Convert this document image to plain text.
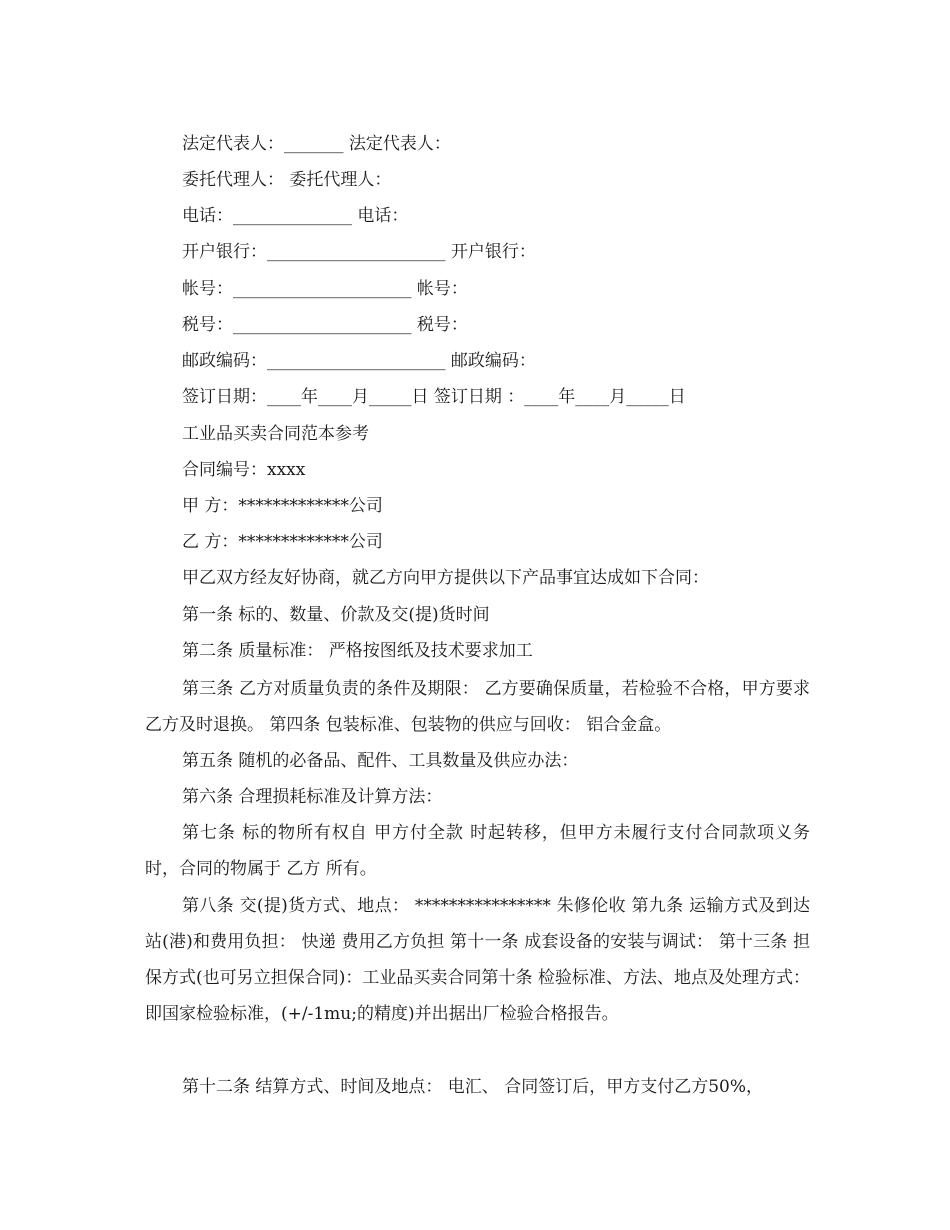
法定代表人：_______ 法定代表人：
委托代理人： 委托代理人：
电话：______________ 电话：
开户银行：_____________________ 开户银行：
帐号：_____________________ 帐号：
税号：_____________________ 税号：
邮政编码：_____________________ 邮政编码：
签订日期：____年____月_____日 签订日期 ：____年____月_____日
工业品买卖合同范本参考
合同编号：xxxx
甲 方：*************公司
乙 方：*************公司
甲乙双方经友好协商，就乙方向甲方提供以下产品事宜达成如下合同：
第一条 标的、数量、价款及交(提)货时间
第二条 质量标准： 严格按图纸及技术要求加工
第三条 乙方对质量负责的条件及期限： 乙方要确保质量，若检验不合格，甲方要求乙方及时退换。 第四条 包装标准、包装物的供应与回收： 铝合金盒。
第五条 随机的必备品、配件、工具数量及供应办法：
第六条 合理损耗标准及计算方法：
第七条 标的物所有权自 甲方付全款 时起转移，但甲方未履行支付合同款项义务时，合同的物属于 乙方 所有。
第八条 交(提)货方式、地点： **************** 朱修伦收 第九条 运输方式及到达站(港)和费用负担： 快递 费用乙方负担 第十一条 成套设备的安装与调试： 第十三条 担保方式(也可另立担保合同)：工业品买卖合同第十条 检验标准、方法、地点及处理方式：即国家检验标准，(+/-1mu;的精度)并出据出厂检验合格报告。
第十二条 结算方式、时间及地点： 电汇、 合同签订后，甲方支付乙方50%，
